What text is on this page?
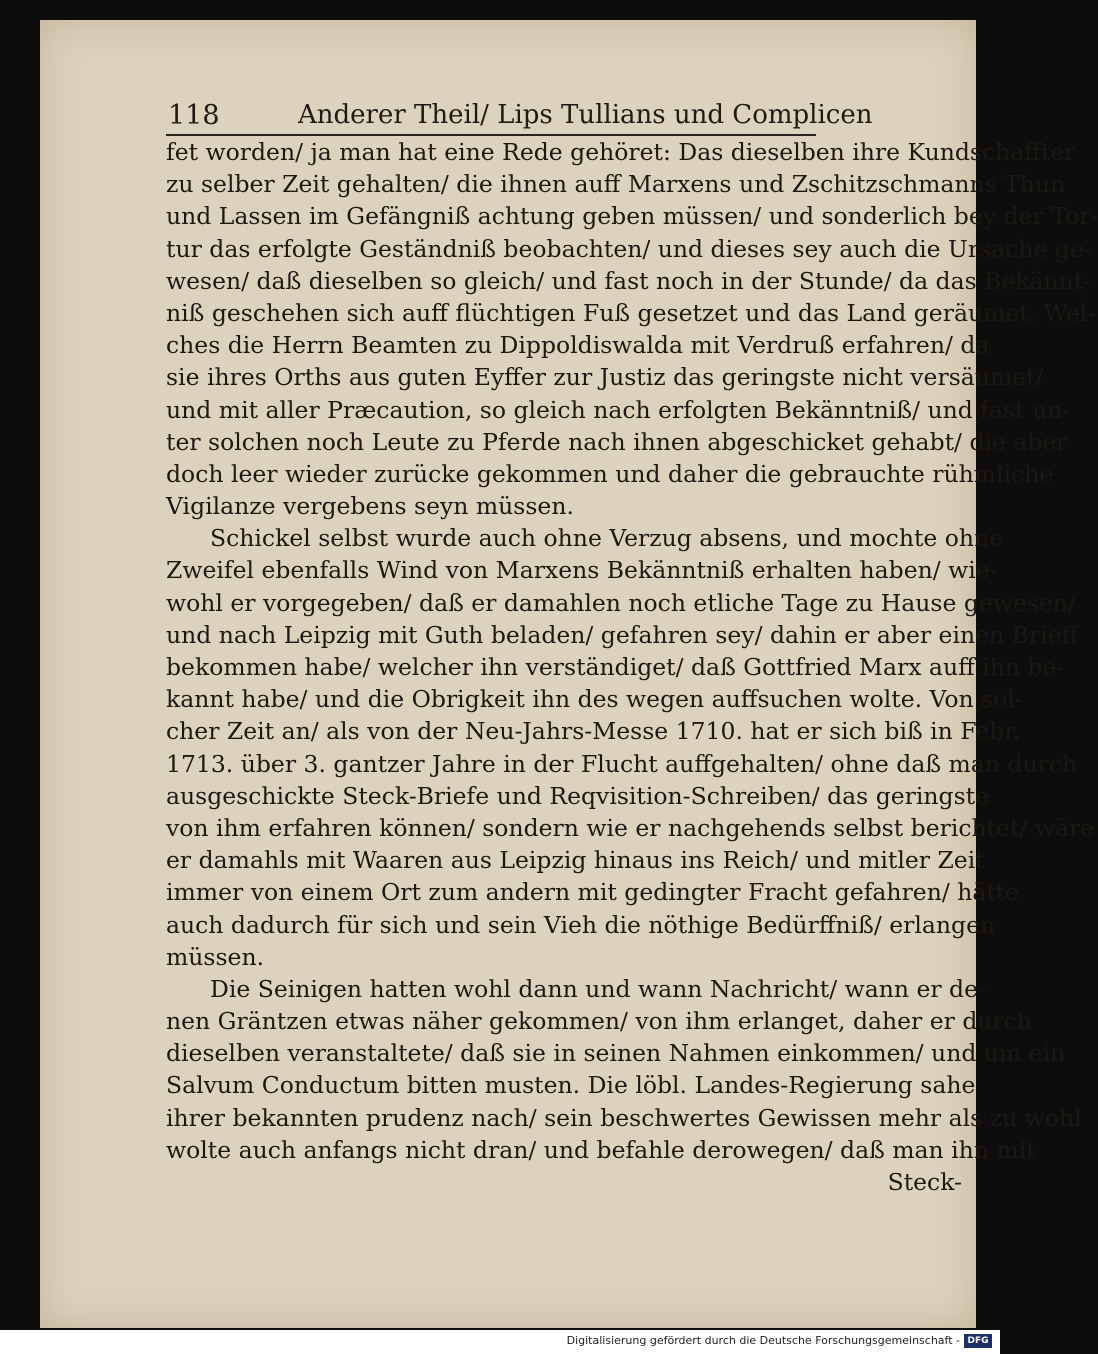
118	Anderer Theil/ Lips Tullians und Complicen
fet worden/ ja man hat eine Rede gehöret: Das dieselben ihre Kundschaffter
zu selber Zeit gehalten/ die ihnen auff Marxens und Zschitzschmanns Thun
und Lassen im Gefängniß achtung geben müssen/ und sonderlich bey der Tor-
tur das erfolgte Geständniß beobachten/ und dieses sey auch die Ursache ge-
wesen/ daß dieselben so gleich/ und fast noch in der Stunde/ da das Bekännt-
niß geschehen sich auff flüchtigen Fuß gesetzet und das Land geräumet. Wel-
ches die Herrn Beamten zu Dippoldiswalda mit Verdruß erfahren/ da
sie ihres Orths aus guten Eyffer zur Justiz das geringste nicht versäumet/
und mit aller Præcaution, so gleich nach erfolgten Bekänntniß/ und fast un-
ter solchen noch Leute zu Pferde nach ihnen abgeschicket gehabt/ die aber
doch leer wieder zurücke gekommen und daher die gebrauchte rühmliche
Vigilanze vergebens seyn müssen.
Schickel selbst wurde auch ohne Verzug absens, und mochte ohne
Zweifel ebenfalls Wind von Marxens Bekänntniß erhalten haben/ wie-
wohl er vorgegeben/ daß er damahlen noch etliche Tage zu Hause gewesen/
und nach Leipzig mit Guth beladen/ gefahren sey/ dahin er aber einen Brieff
bekommen habe/ welcher ihn verständiget/ daß Gottfried Marx auff ihn be-
kannt habe/ und die Obrigkeit ihn des wegen auffsuchen wolte. Von sol-
cher Zeit an/ als von der Neu-Jahrs-Messe 1710. hat er sich biß in Febr.
1713. über 3. gantzer Jahre in der Flucht auffgehalten/ ohne daß man durch
ausgeschickte Steck-Briefe und Reqvisition-Schreiben/ das geringste
von ihm erfahren können/ sondern wie er nachgehends selbst berichtet/ wäre
er damahls mit Waaren aus Leipzig hinaus ins Reich/ und mitler Zeit
immer von einem Ort zum andern mit gedingter Fracht gefahren/ hätte
auch dadurch für sich und sein Vieh die nöthige Bedürffniß/ erlangen
müssen.
Die Seinigen hatten wohl dann und wann Nachricht/ wann er de-
nen Gräntzen etwas näher gekommen/ von ihm erlanget, daher er durch
dieselben veranstaltete/ daß sie in seinen Nahmen einkommen/ und um ein
Salvum Conductum bitten musten. Die löbl. Landes-Regierung sahe
ihrer bekannten prudenz nach/ sein beschwertes Gewissen mehr als zu wohl
wolte auch anfangs nicht dran/ und befahle derowegen/ daß man ihn mit
Steck-
Digitalisierung gefördert durch die Deutsche Forschungsgemeinschaft - DFG
